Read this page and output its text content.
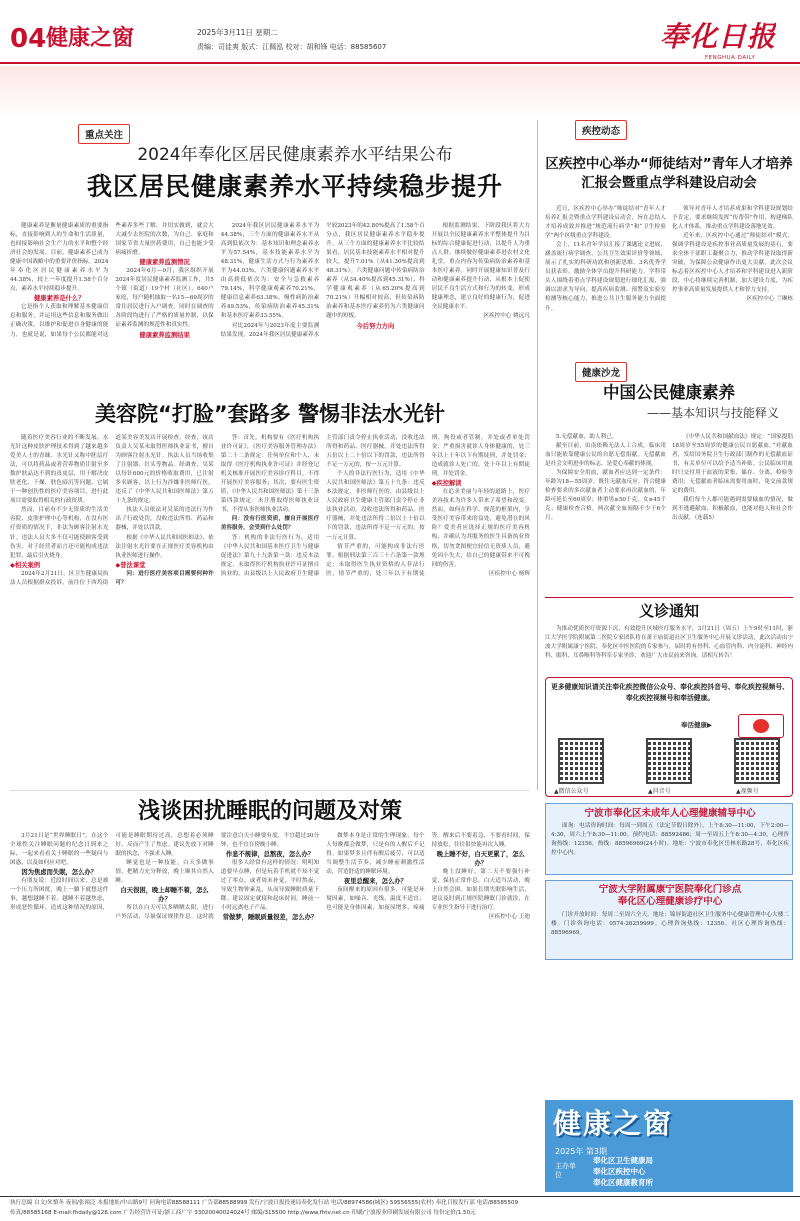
04 健康之窗	2025年3月11日 星期二
责编：司徒爽 版式：江佩泓 校对：胡和锋 电话：88585607	奉化日报
FENGHUA DAILY
重点关注
2024年奉化区居民健康素养水平结果公布
我区居民健康素养水平持续稳步提升

健康素养是衡量健康素质的重要指标，直接影响到人的生命和生活质量，也间接影响社会生产力的水平和整个经济社会的发展。目前，健康素养已成为健康中国战略中的重要评价指标。2024年奉化区居民健康素养水平为44.38%，较上一年度提升1.58个百分点，素养水平持续稳步提升。

健康素养是什么？

它是指个人获取和理解基本健康信息和服务，并运用这些信息和服务做出正确决策，以维护和促进自身健康的能力。也就是说，如果每个公民都能对这些素养多些了解，并切实做到，就会大大减少去医院的次数，为自己、家庭和国家节省大量医药费用，自己也能少受病痛折磨。

健康素养监测情况

2024年6月—9月，我区组织开展2024年度居民健康素养监测工作，共5个镇（街道）19个村（社区）、640户家庭，每户随机抽取一名15—69周岁的常住居民进行入户调查。同时在调查的各阶段均进行了严格的质量控制，以保证素养监测的规范性和真实性。

健康素养监测结果

2024年我区居民健康素养水平为44.38%，三个方面的健康素养水平从高到低依次为：基本知识和理念素养水平为57.54%，基本技能素养水平为48.31%，健康生活方式与行为素养水平为44.03%。六类健康问题素养水平由高到低依次为：安全与急救素养79.14%，科学健康观素养70.21%，健康信息素养63.38%，慢性病防治素养49.53%，传染病防治素养45.31%和基本医疗素养33.55%。

对比2024年与2023年度主要监测结果发现，2024年我区居民健康素养水平较2023年的42.80%提高了1.58个百分点，我区居民健康素养水平稳步提升。从三个方面的健康素养水平比较结果看，居民基本技能素养水平相对提升较大，提升7.01%（从41.30%提高到48.31%）。六类健康问题中传染病防治素养（从34.40%提高到45.31%）、科学健康观素养（从65.20%提高到70.21%）升幅相对较高，但传染病防治素养和基本医疗素养仍为六类健康问题中的短板。

今后努力方向

根据监测结果，下阶段我区将大力开展以全民健康素养水平整体提升为目标的综合健康促进行动，以提升人为重点人群，继续做好健康素养进农村文化礼堂，重点内容为传染病防治素养和基本医疗素养。同时开展健康知识普及行动和健康素养提升行动，从根本上促使居民不良生活方式和行为的转变，形成健康理念，建立良好的健康行为，促进全民健康水平。

区疾控中心 姚远凡

疾控动态
区疾控中心举办“师徒结对”青年人才培养汇报会暨重点学科建设启动会

近日，区疾控中心举办“师徒结对”青年人才培养汇报会暨重点学科建设启动会，旨在总结人才培养成效并推进“规范流行病学”和“卫生检验学”两个区级重点学科建设。

会上，11名青年学员汇报了课题论文进展，涵盖流行病学调查、公共卫生效果评价等领域，展示了扎实的科研功底和创新思维。3名优秀学员获表彰，激励全体学员提升科研能力。学科带头人围绕着重点学科建设规划进行细化汇报，强调以需求为导向，提高疾病监测、预警及实验室检测等核心能力，推进公共卫生服务能力全面提升。

领导对青年人才培养成果和学科建设规划给予肯定，要求继续发挥“传帮带”作用，构建梯队化人才体系，推动重点学科建设落地见效。

近年来，区疾控中心通过“师徒结对”模式，强调学科建设是疾控事业高质量发展的基石，要求全体干部职工凝聚合力，推动学科建设取得新突破，为保障公众健康作出更大贡献。此次会议标志着区疾控中心人才培养和学科建设进入新阶段，中心将继续完善机制，加大建设力度，为疾控事业高质量发展提供人才和智力支持。

区疾控中心 兰琳栋

美容院“打脸”套路多 警惕非法水光针

随着医疗美容行业的不断发展，水光针这种皮肤护理技术得到了越来越多爱美人士的青睐。水光针又称中胚层疗法，可以将药品或者营养物质注射至多数护肤品达不到的真皮层，用于解决皮肤老化、干燥、肤色暗沉等问题。它属于一种创伤性的医疗美容项目，进行此项目需要取得相关的行政资质。

然而，目前有不少无资质的生活美容院、皮肤护理中心等机构，在没有医疗资质的情况下，非法为顾客注射水光针。违法人员大多不仅可能使顾客受到伤害，对于经营者而言还可能构成违法犯罪，最后引火烧身。

◆相关案例

2024年2月21日，区卫生健康局执法人员根据群众投诉，前往位于西坞街道某美容美发店开展检查。经查，该店负责人吴某未取得医师执业证书，擅自为顾客注射水光针。执法人员当场收集了注射器、针头等物品。经调查，吴某以每针600元的价格收取费用，已注射多名顾客，以上行为涉嫌非医师行医，违反了《中华人民共和国医师法》第五十九条的规定。

执法人员依法对吴某的违法行为作出了行政处罚，没收违法所得、药品和器械，并处以罚款。

根据《中华人民共和国医师法》，依法注射水光针要在正规医疗美容机构由执业医师进行操作。

◆普法课堂

问：进行医疗美容项目需要何种许可？

答：首先，机构要有《医疗机构执业许可证》，《医疗美容服务管理办法》第二十二条规定：任何单位和个人，未取得《医疗机构执业许可证》并经登记机关核准开展医疗美容诊疗科目，不得开展医疗美容服务；其次，要有医生资质，《中华人民共和国医师法》第十三条第四款规定：未注册取得医师执业证书，不得从事医师执业活动。

问：没有行医资质，擅自开展医疗美容服务，会受到什么处罚？

答：机构的非法行医行为，适用《中华人民共和国基本医疗卫生与健康促进法》第九十九条第一款：违反本法规定，未取得医疗机构执业许可证擅自执业的，由县级以上人民政府卫生健康主管部门责令停止执业活动，没收违法所得和药品、医疗器械，并处违法所得五倍以上二十倍以下的罚款，违法所得不足一万元的，按一万元计算。

个人的非法行医行为，适用《中华人民共和国医师法》第五十九条：违反本法规定，非医师行医的，由县级以上人民政府卫生健康主管部门责令停止非法执业活动，没收违法所得和药品、医疗器械，并处违法所得二倍以上十倍以下的罚款，违法所得不足一万元的，按一万元计算。

情节严重的，可能构成非法行医罪。根据刑法第三百三十六条第一款规定：未取得医生执业资格的人非法行医，情节严重的，处三年以下有期徒刑、拘役或者管制，并处或者单处罚金；严重损害就诊人身体健康的，处三年以上十年以下有期徒刑，并处罚金；造成就诊人死亡的，处十年以上有期徒刑，并处罚金。

◆疾控解读

在追求美丽与年轻的道路上，医疗美容技术为许多人带来了希望和改变。然而，如何在科学、规范的框架内，享受医疗美容带来的益处，避免潜在的风险？爱美者应选择正规的医疗美容机构，并确认为其服务的医生具备执业资格，切勿贪图便宜轻信无资质人员，避免因小失大，给自己的健康带来不可挽回的伤害。

区疾控中心 杨辉

健康沙龙
中国公民健康素养
——基本知识与技能释义

5.无偿献血，助人利己。

献至目前，由南依赖无法人工合成，临床用血只能依靠健康公民的自愿无偿捐献。无偿献血是社会文明进步的标志，是爱心奉献的体现。

为保障安全用血，献血者应达到一定条件：年龄为18—55周岁，既往无献血反应、符合健康检查要求的多次献血者主动要求再次献血的，年龄可延长至60周岁；体重男≥50千克，女≥45千克；健康检查合格，两次献全血间隔不少于6个月。

《中华人民共和国献血法》规定：“国家提倡18周岁至55周岁的健康公民自愿献血。”对献血者，发给国务院卫生行政部门制作的无偿献血证书，有关单位可以给予适当补贴。公民临床用血时只交付用于血液的采集、储存、分离、检验等费用；无偿献血者临床需要用血时，免交前款规定的费用。

我们每个人都可能遇到需要输血的情况，做到不逃避献血，积极献血，也能对他人和社会作出贡献。（连载5）

义诊通知
为推动优质医疗资源下沉，有效提升区域医疗服务水平，3月21日（周五）上午9时至11时，浙江大学医学院附属第二医院专家团队将在萧王庙街道社区卫生服务中心开展义诊活动，此次活动由宁波大学附属康宁医院、奉化区中医医院的专家参与，届时将有骨科、心血管内科、内分泌科、神经内科、眼科、耳鼻喉科等科室专家坐诊，欢迎广大市民前来咨询。请相互转告！
更多健康知识请关注奉化疾控微信公众号、奉化疾控抖音号、奉化疾控视频号、奉化疾控视频号和奉活健康。
奉活健康▶
▲微信公众号	▲抖音号	▲视频号
浅谈困扰睡眠的问题及对策

3月21日是“世界睡眠日”。在这个全球性关注睡眠问题的纪念日到来之际，一起来看看关于睡眠的一些疑问与困惑，以及如何应对吧。

因为焦虑而失眠，怎么办？

有朋友说：近段时间以来，总是被一个压力所困扰，晚上一躺下就想这件事，越想越睡不着，越睡不着越焦虑，形成恶性循环。造成这种情况的原因，可能是睡眠期待过高，总想着必须睡好，反而产生了焦虑。建议先放下对睡眠的执念，不强求入睡。

睡觉也是一种技能。白天多做事情，把精力充分释放，晚上顺其自然入睡。

白天很困，晚上却睡不着，怎么办？

所以在白天可以多晒晒太阳，进行户外活动，尽量保证规律作息。这时就要注意白天小睡要有度，不宜超过30分钟，也不宜在傍晚小睡。

作息不规律，总熬夜，怎么办？

很多人经常有这样的情况：明明知道要早点睡，但是玩着手机就不知不觉过了零点。或者周末补觉，平时熬夜，导致生物钟紊乱，从而导致睡眠质量下降。建议固定就寝和起床时间，睡前一小时远离电子产品。

常做梦，睡眠质量很差，怎么办？

做梦本身是正常的生理现象，每个人每晚都会做梦，只是有的人醒后不记得。如果梦多且伴有醒后疲劳，可以适当调整生活节奏，减少睡前刺激性活动，营造舒适的睡眠环境。

夜里总醒来，怎么办？

夜间醒来的原因有很多，可能是环境因素，如噪音、光线、温度不适宜；也可能是身体因素，如夜尿增多、疼痛等。醒来后不要着急，不要看时间，保持放松，往往很快能再次入睡。

晚上睡不好，白天更累了，怎么办？

晚上没睡好，第二天不要强行补觉，保持正常作息，白天适当活动，晚上自然会困。如果长期失眠影响生活，建议及时到正规医院睡眠门诊就诊，在专业医生指导下进行治疗。

区疾控中心 王迪

宁波市奉化区未成年人心理健康辅导中心
面询：电话咨询时间：每周一到周五（法定节假日除外），上午8:30—11:00，下午2:00—4:30，周六上午8:30—11:00。预约电话：88592486；周一至周五上午8:30—4:30，心理咨询热线：12356，热线：88596969(24小时)。地址：宁波市奉化区岳林东路28号，奉化区疾控中心内。
宁波大学附属康宁医院奉化门诊点
奉化区心理健康诊疗中心
门诊开放时间：每周二至周六全天。地址：锦屏街道社区卫生服务中心健康管理中心大楼二楼。门诊咨询电话：0574-26259999。心理咨询热线：12356。社区心理咨询热线：88596969。
健康之窗
2025年 第3期
主办单位
奉化区卫生健康局
奉化区疾控中心
奉化区健康教育所
执行总编 白文/朱慎冬 夜间/张裕泛 本报地址/中山路9号 问询电话88588111 广告部88588999 发行/宁波日报投递局奉化发行站 电话/88974586(城区) 59556555(农村) 奉化日报发行部 电话/88585509
传真/88585168 E-mail:fhdaily@126.com 广告经营许可证/浙工商广字 33020040024024号 邮编/315500 http://www.fhtv.net.cn 印刷/宁波报业印刷发展有限公司 每份定价/1.50元
